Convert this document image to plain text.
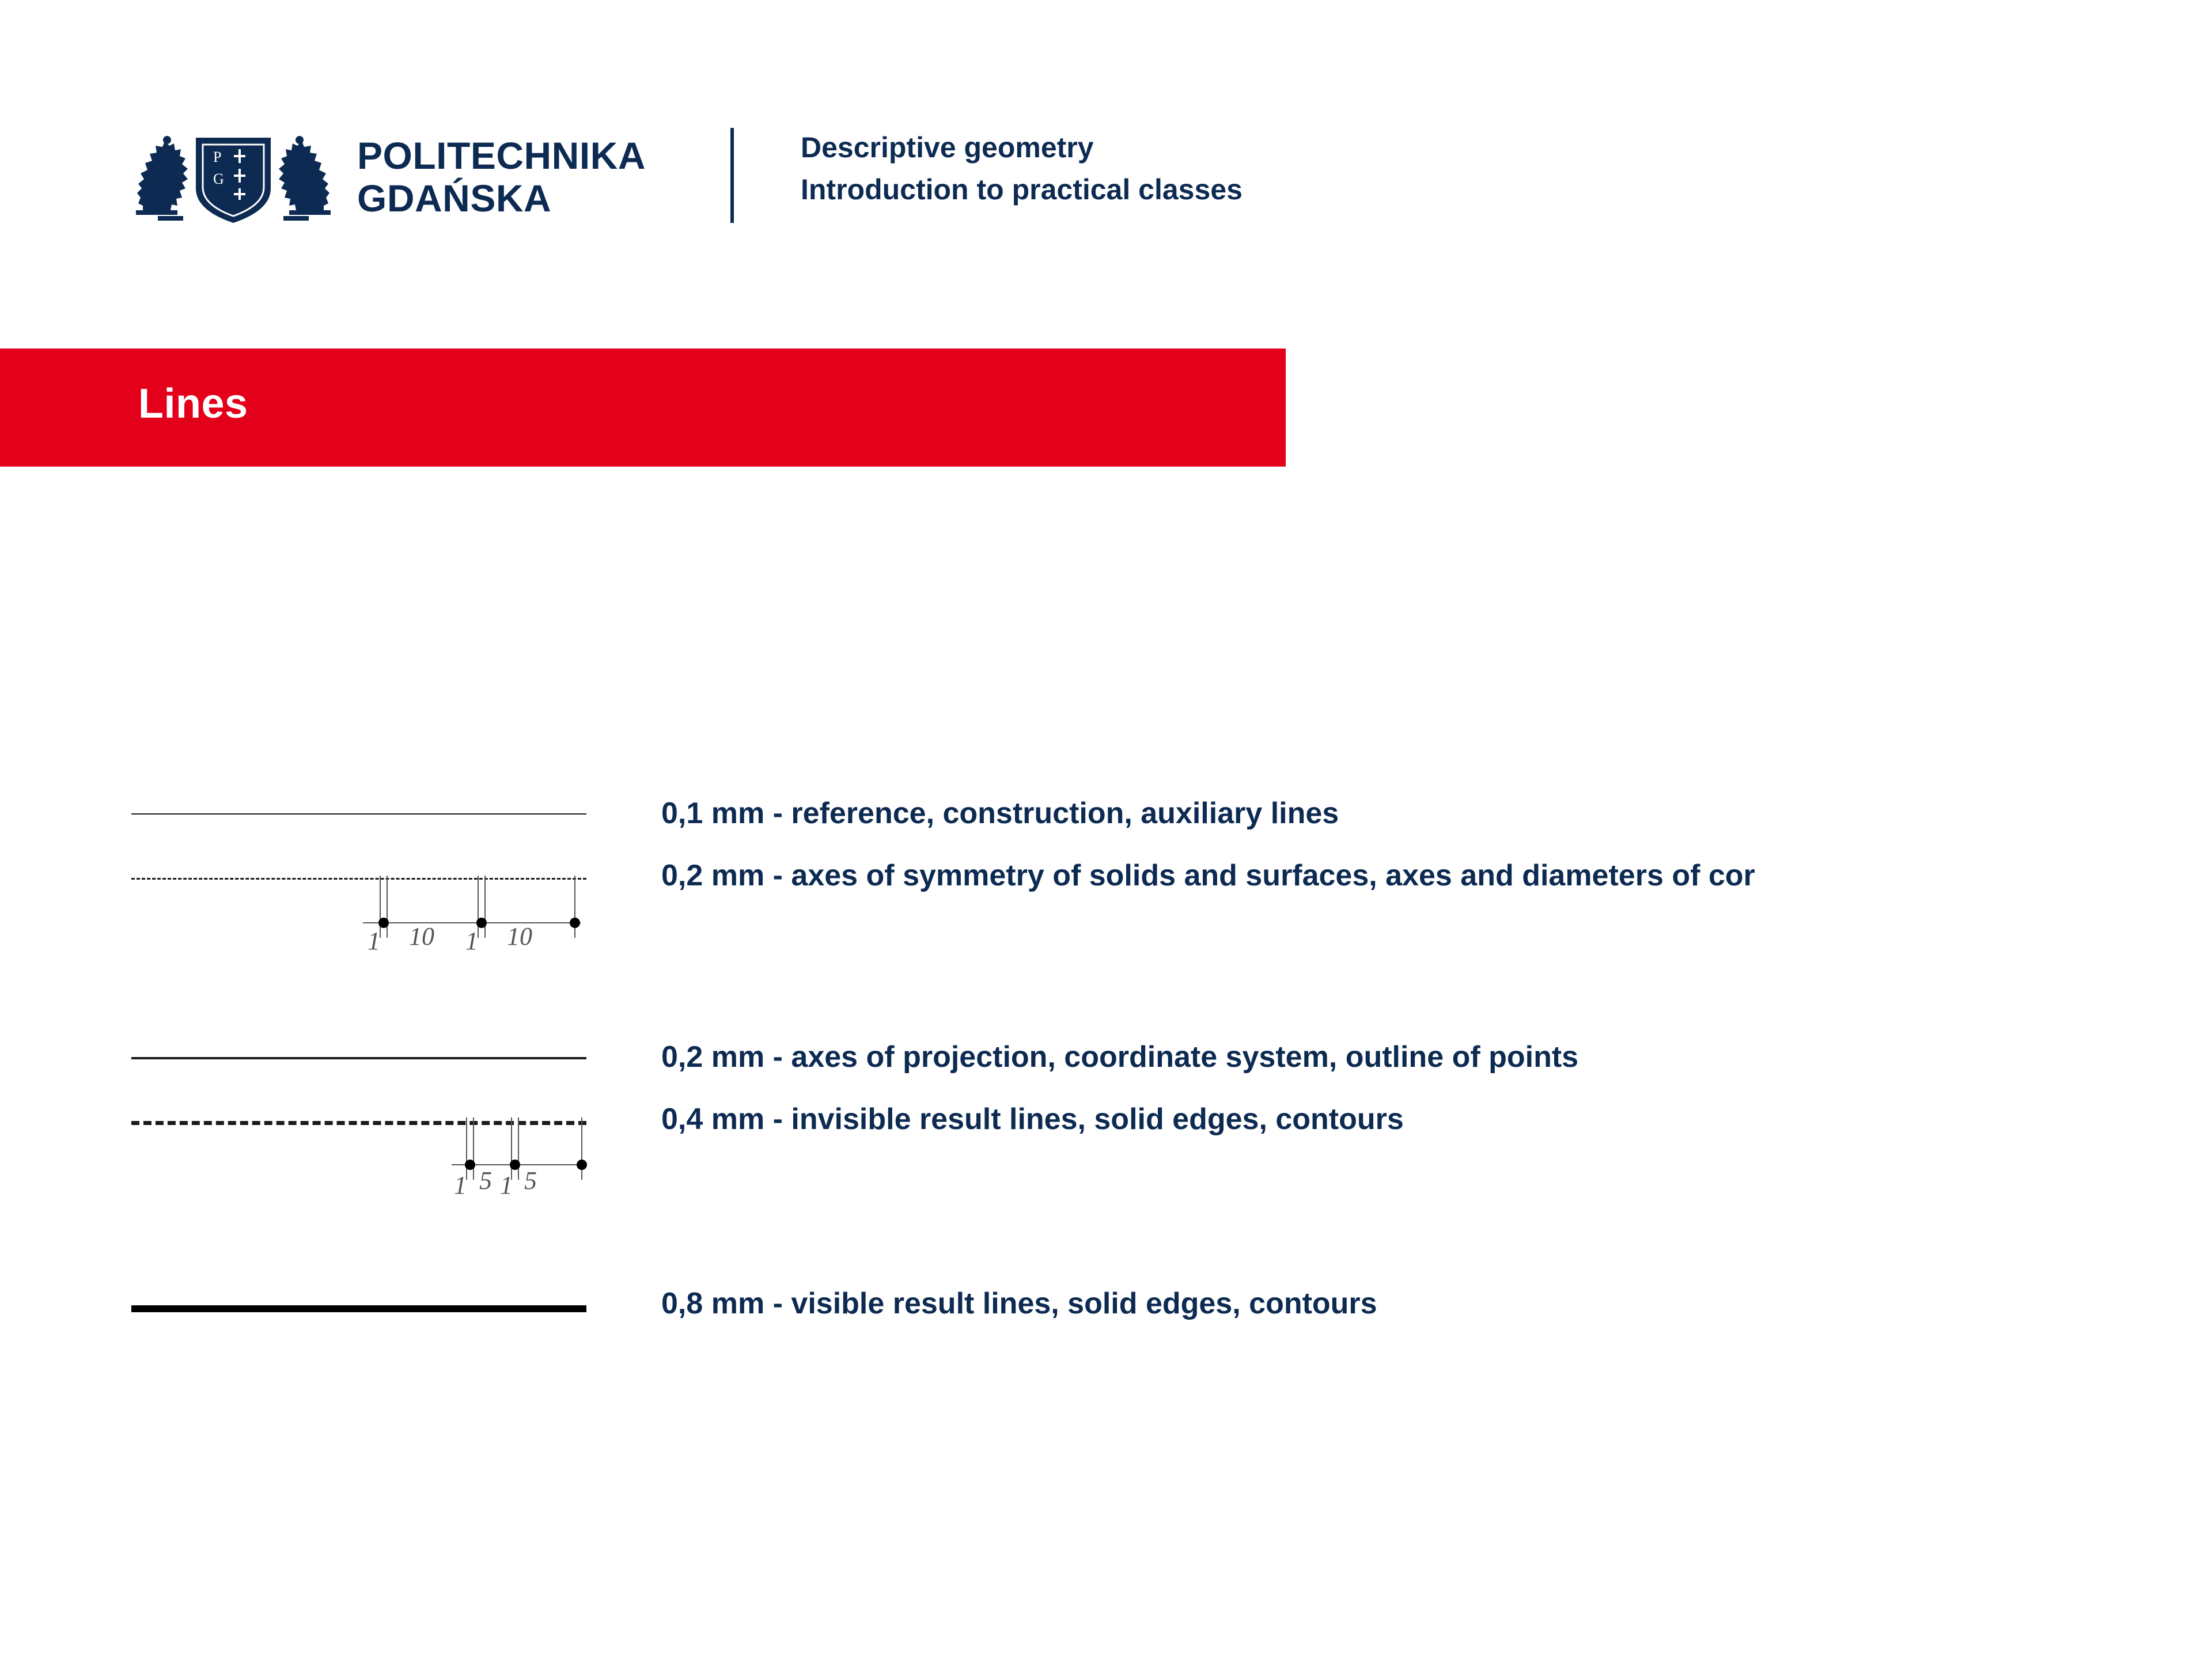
P
G
POLITECHNIKA
GDAŃSKA
Descriptive geometry
Introduction to practical classes
Lines
1 10 1 10
1 5 1 5
0,1 mm - reference, construction, auxiliary lines
0,2 mm - axes of symmetry of solids and surfaces, axes and diameters of cor
0,2 mm - axes of projection, coordinate system, outline of points
0,4 mm - invisible result lines, solid edges, contours
0,8 mm - visible result lines, solid edges, contours
